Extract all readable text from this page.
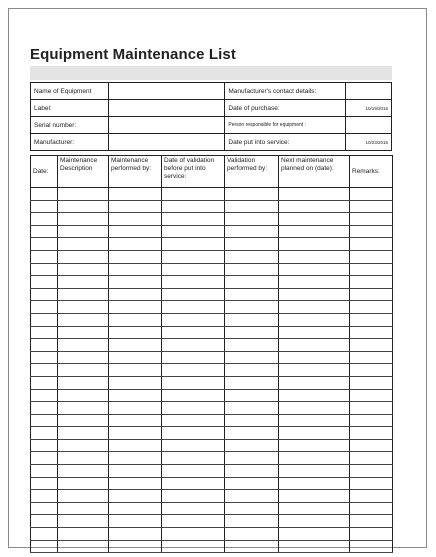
Equipment Maintenance List
Name of Equipment		Manufacturer's contact details:	
Label:		Date of purchase:	10/19/2016
Serial number:		Person responsible for equipment :	
Manufacturer:		Date put into service:	10/23/2016
Date:	Maintenance Description	Maintenance performed by:	Date of validation before put into service:	Validation performed by:	Next maintenance planned on (date):	Remarks:
